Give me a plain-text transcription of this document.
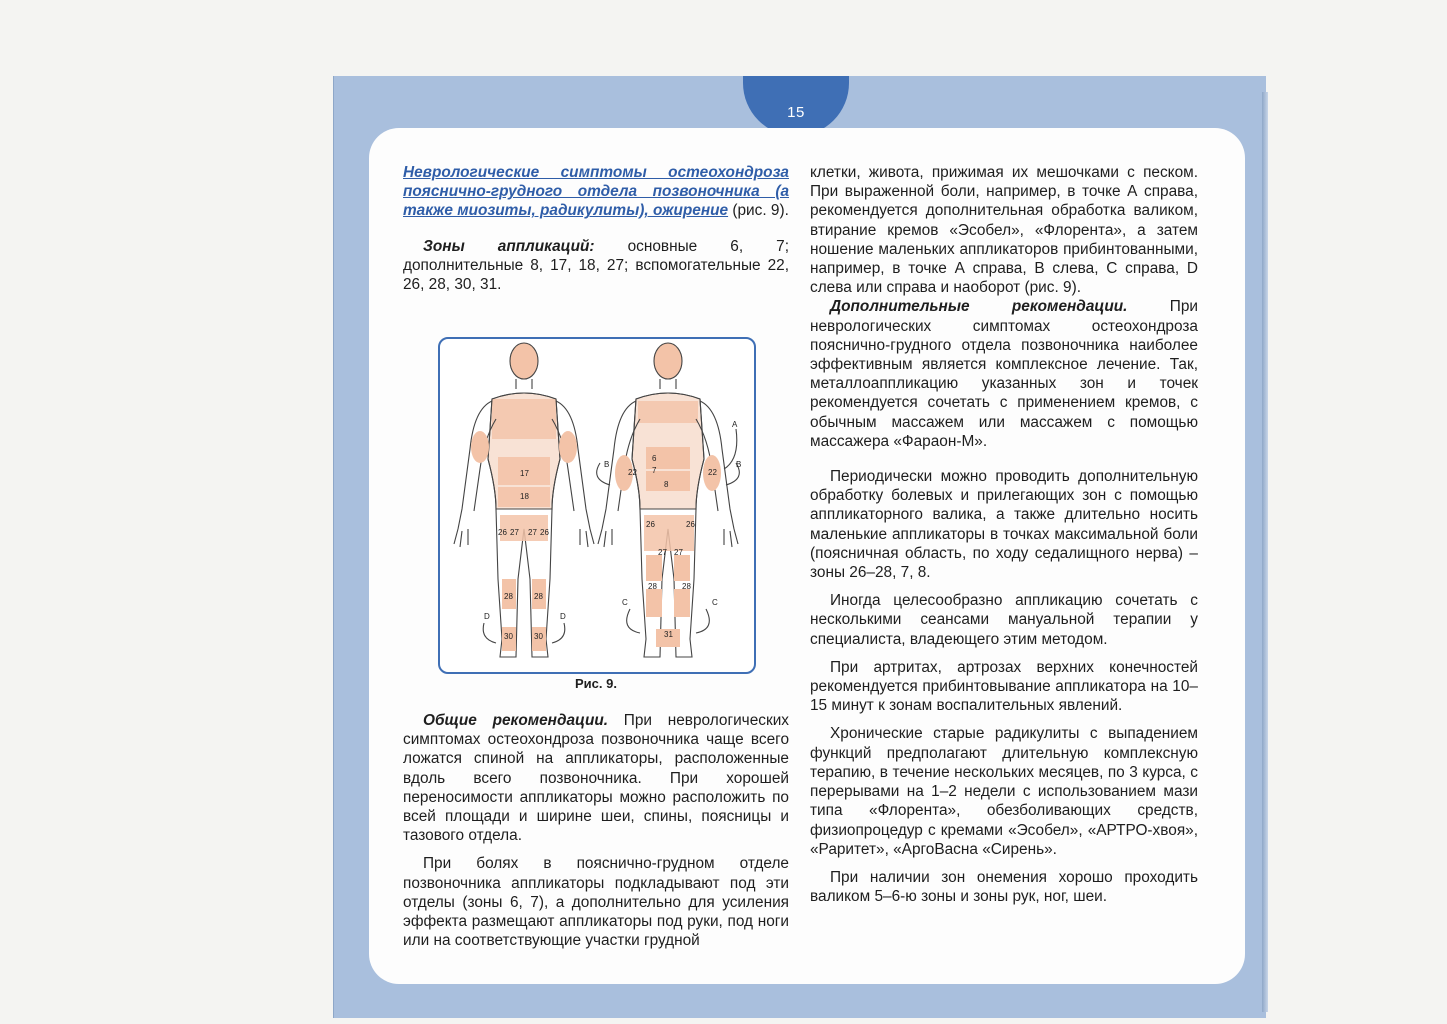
15

Неврологические симптомы остеохондроза пояснично-грудного отдела позвоночника (а также миозиты, радикулиты), ожирение (рис. 9).

Зоны аппликаций: основные 6, 7; дополнительные 8, 17, 18, 27; вспомогательные 22, 26, 28, 30, 31.

17
18
26 27 27 26
28	28
30	30
D	D
6
7
8
22	22
26	26
27 27
28	28
31
A
B	B
C	C
Рис. 9.

Общие рекомендации. При неврологических симптомах остеохондроза позвоночника чаще всего ложатся спиной на аппликаторы, расположенные вдоль всего позвоночника. При хорошей переносимости аппликаторы можно расположить по всей площади и ширине шеи, спины, поясницы и тазового отдела.

При болях в пояснично-грудном отделе позвоночника аппликаторы подкладывают под эти отделы (зоны 6, 7), а дополнительно для усиления эффекта размещают аппликаторы под руки, под ноги или на соответствующие участки грудной

клетки, живота, прижимая их мешочками с песком. При выраженной боли, например, в точке А справа, рекомендуется дополнительная обработка валиком, втирание кремов «Эсобел», «Флорента», а затем ношение маленьких аппликаторов прибинтованными, например, в точке А справа, В слева, С справа, D слева или справа и наоборот (рис. 9).

Дополнительные рекомендации. При неврологических симптомах остеохондроза пояснично-грудного отдела позвоночника наиболее эффективным является комплексное лечение. Так, металлоаппликацию указанных зон и точек рекомендуется сочетать с применением кремов, с обычным массажем или массажем с помощью массажера «Фараон-М».

Периодически можно проводить дополнительную обработку болевых и прилегающих зон с помощью аппликаторного валика, а также длительно носить маленькие аппликаторы в точках максимальной боли (поясничная область, по ходу седалищного нерва) – зоны 26–28, 7, 8.

Иногда целесообразно аппликацию сочетать с несколькими сеансами мануальной терапии у специалиста, владеющего этим методом.

При артритах, артрозах верхних конечностей рекомендуется прибинтовывание аппликатора на 10–15 минут к зонам воспалительных явлений.

Хронические старые радикулиты с выпадением функций предполагают длительную комплексную терапию, в течение нескольких месяцев, по 3 курса, с перерывами на 1–2 недели с использованием мази типа «Флорента», обезболивающих средств, физиопроцедур с кремами «Эсобел», «АРТРО-хвоя», «Раритет», «АргоВасна «Сирень».

При наличии зон онемения хорошо проходить валиком 5–6-ю зоны и зоны рук, ног, шеи.
